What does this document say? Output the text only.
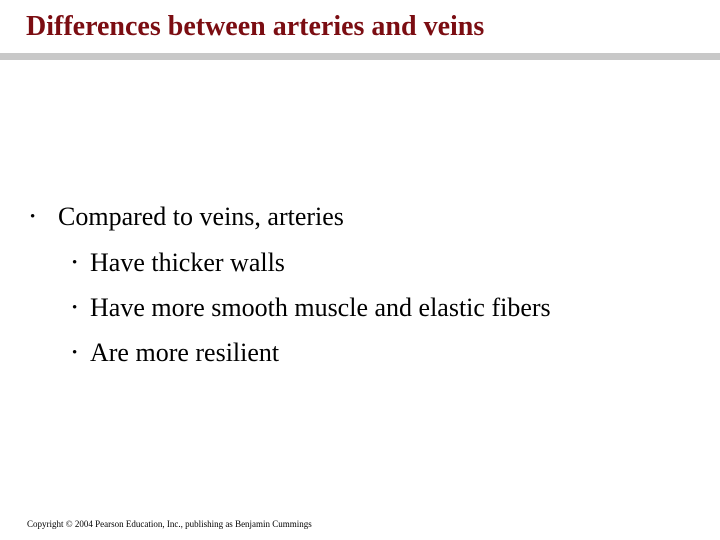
Differences between arteries and veins
• Compared to veins, arteries
• Have thicker walls
• Have more smooth muscle and elastic fibers
• Are more resilient
Copyright © 2004 Pearson Education, Inc., publishing as Benjamin Cummings
